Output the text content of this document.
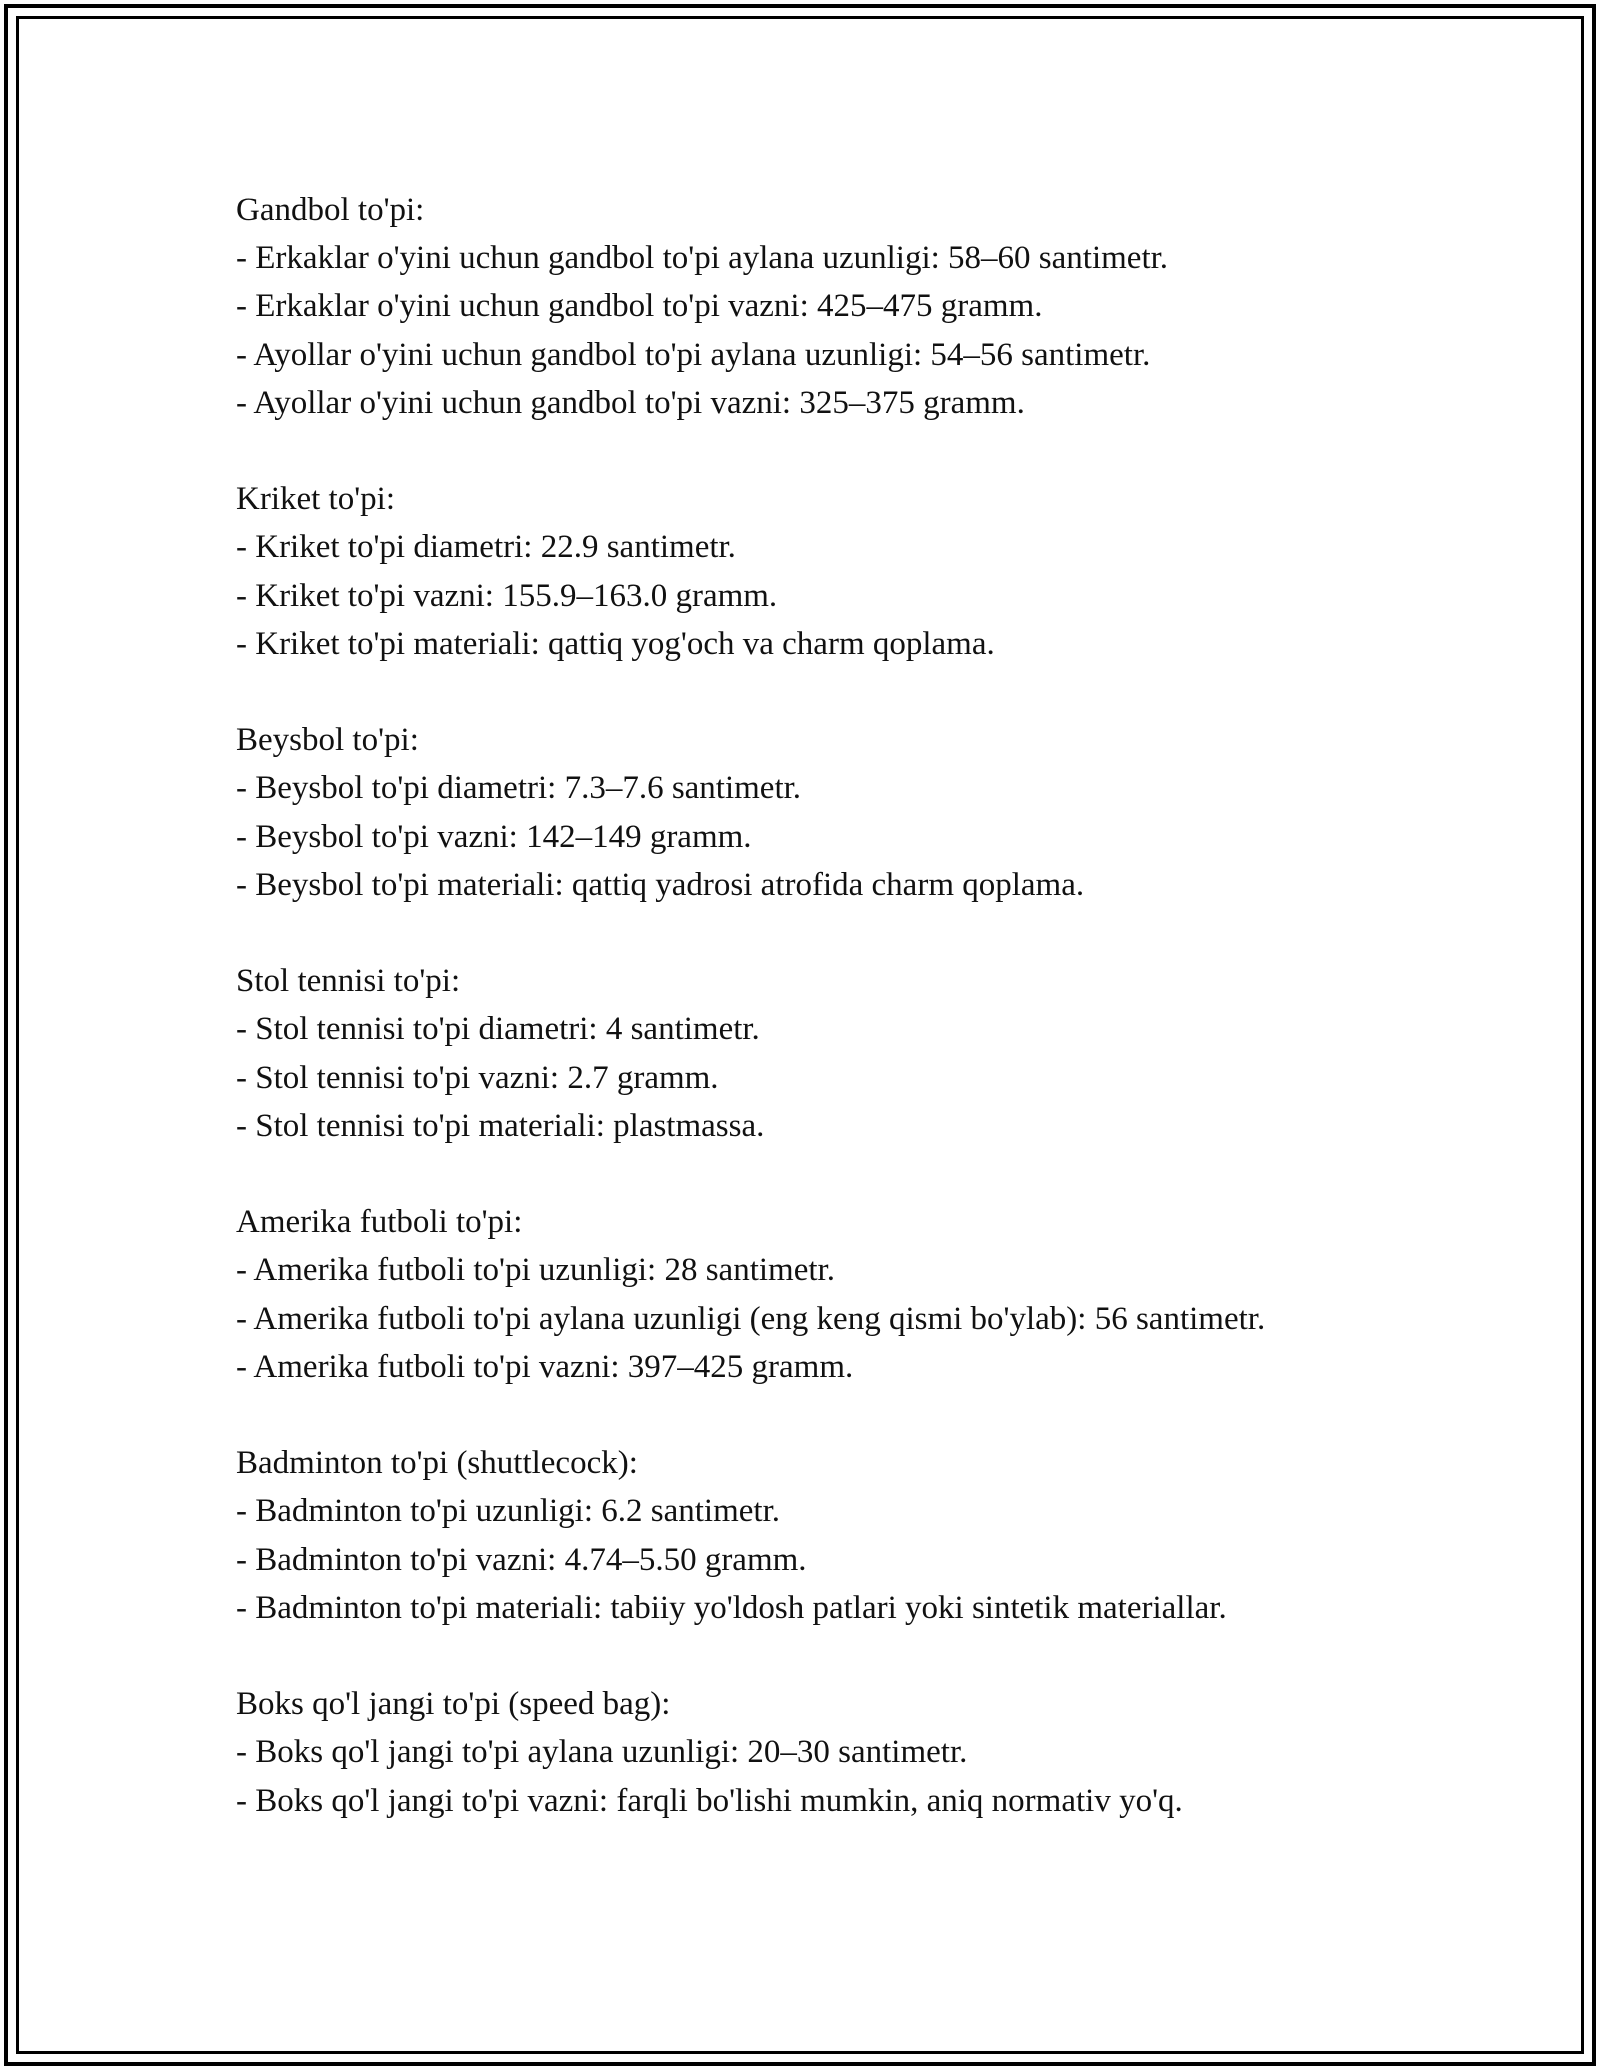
Gandbol to'pi:
- Erkaklar o'yini uchun gandbol to'pi aylana uzunligi: 58–60 santimetr.
- Erkaklar o'yini uchun gandbol to'pi vazni: 425–475 gramm.
- Ayollar o'yini uchun gandbol to'pi aylana uzunligi: 54–56 santimetr.
- Ayollar o'yini uchun gandbol to'pi vazni: 325–375 gramm.
Kriket to'pi:
- Kriket to'pi diametri: 22.9 santimetr.
- Kriket to'pi vazni: 155.9–163.0 gramm.
- Kriket to'pi materiali: qattiq yog'och va charm qoplama.
Beysbol to'pi:
- Beysbol to'pi diametri: 7.3–7.6 santimetr.
- Beysbol to'pi vazni: 142–149 gramm.
- Beysbol to'pi materiali: qattiq yadrosi atrofida charm qoplama.
Stol tennisi to'pi:
- Stol tennisi to'pi diametri: 4 santimetr.
- Stol tennisi to'pi vazni: 2.7 gramm.
- Stol tennisi to'pi materiali: plastmassa.
Amerika futboli to'pi:
- Amerika futboli to'pi uzunligi: 28 santimetr.
- Amerika futboli to'pi aylana uzunligi (eng keng qismi bo'ylab): 56 santimetr.
- Amerika futboli to'pi vazni: 397–425 gramm.
Badminton to'pi (shuttlecock):
- Badminton to'pi uzunligi: 6.2 santimetr.
- Badminton to'pi vazni: 4.74–5.50 gramm.
- Badminton to'pi materiali: tabiiy yo'ldosh patlari yoki sintetik materiallar.
Boks qo'l jangi to'pi (speed bag):
- Boks qo'l jangi to'pi aylana uzunligi: 20–30 santimetr.
- Boks qo'l jangi to'pi vazni: farqli bo'lishi mumkin, aniq normativ yo'q.
